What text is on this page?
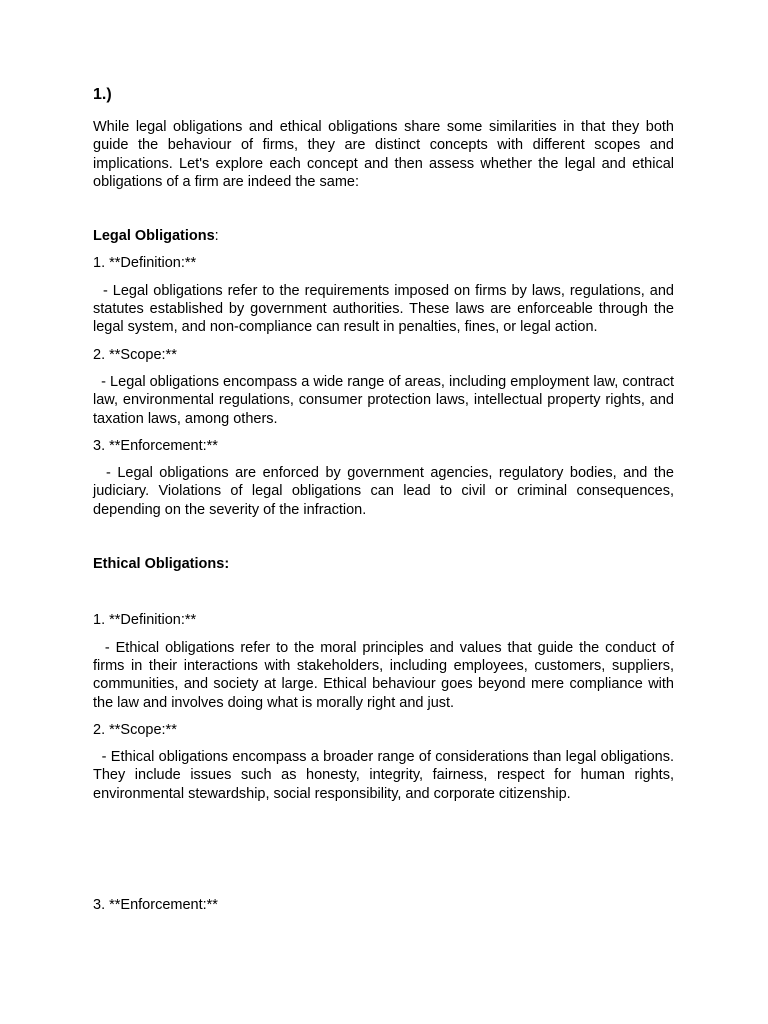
1.)

While legal obligations and ethical obligations share some similarities in that they both guide the behaviour of firms, they are distinct concepts with different scopes and implications. Let's explore each concept and then assess whether the legal and ethical obligations of a firm are indeed the same:

Legal Obligations:

1. **Definition:**

- Legal obligations refer to the requirements imposed on firms by laws, regulations, and statutes established by government authorities. These laws are enforceable through the legal system, and non-compliance can result in penalties, fines, or legal action.

2. **Scope:**

- Legal obligations encompass a wide range of areas, including employment law, contract law, environmental regulations, consumer protection laws, intellectual property rights, and taxation laws, among others.

3. **Enforcement:**

- Legal obligations are enforced by government agencies, regulatory bodies, and the judiciary. Violations of legal obligations can lead to civil or criminal consequences, depending on the severity of the infraction.

Ethical Obligations:

1. **Definition:**

- Ethical obligations refer to the moral principles and values that guide the conduct of firms in their interactions with stakeholders, including employees, customers, suppliers, communities, and society at large. Ethical behaviour goes beyond mere compliance with the law and involves doing what is morally right and just.

2. **Scope:**

- Ethical obligations encompass a broader range of considerations than legal obligations. They include issues such as honesty, integrity, fairness, respect for human rights, environmental stewardship, social responsibility, and corporate citizenship.

3. **Enforcement:**
